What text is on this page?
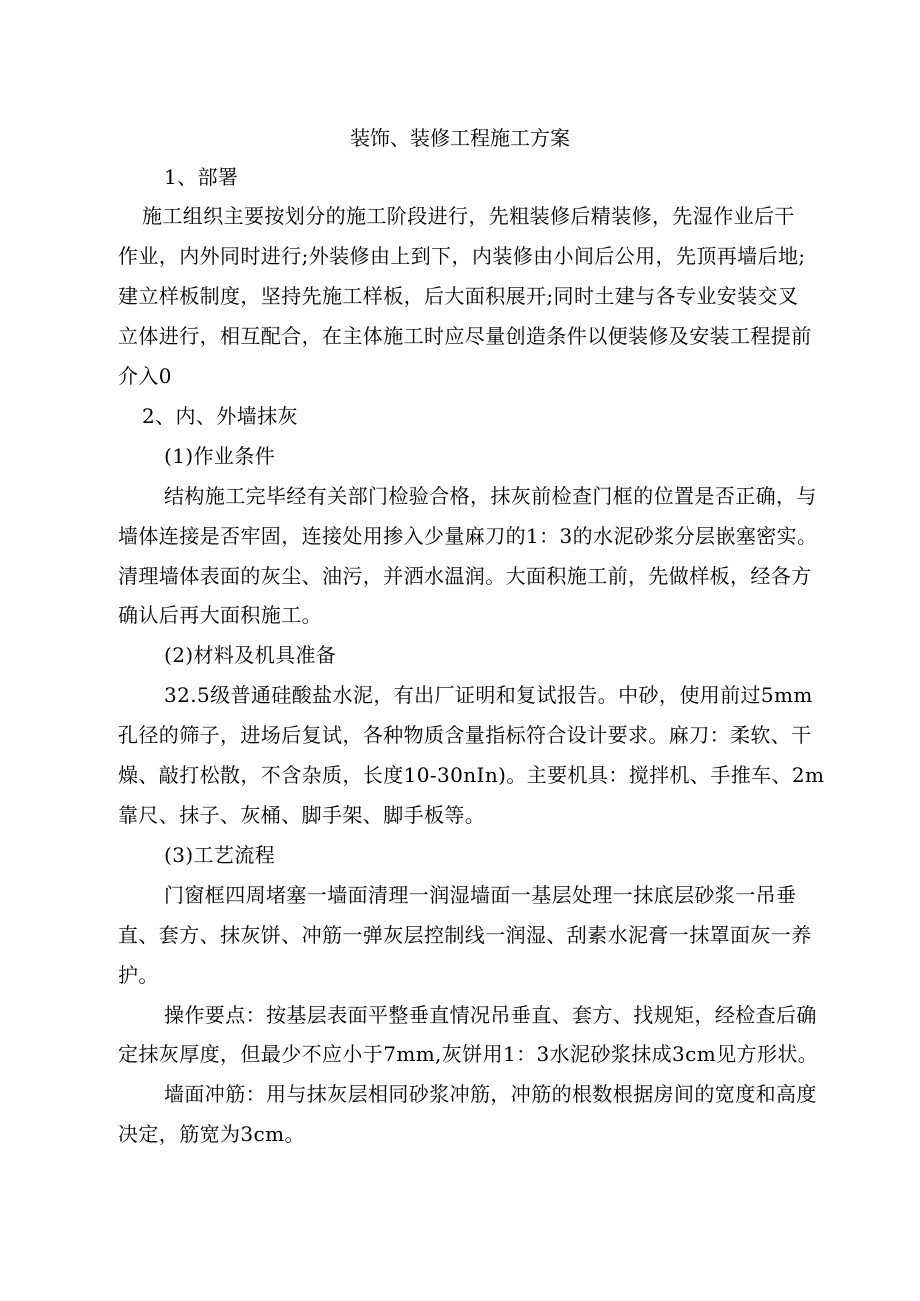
装饰、装修工程施工方案
1、部署
施工组织主要按划分的施工阶段进行，先粗装修后精装修，先湿作业后干
作业，内外同时进行;外装修由上到下，内装修由小间后公用，先顶再墙后地;
建立样板制度，坚持先施工样板，后大面积展开;同时土建与各专业安装交叉
立体进行，相互配合，在主体施工时应尽量创造条件以便装修及安装工程提前
介入0
2、内、外墙抹灰
(1)作业条件
结构施工完毕经有关部门检验合格，抹灰前检查门框的位置是否正确，与
墙体连接是否牢固，连接处用掺入少量麻刀的1：3的水泥砂浆分层嵌塞密实。
清理墙体表面的灰尘、油污，并洒水温润。大面积施工前，先做样板，经各方
确认后再大面积施工。
(2)材料及机具准备
32.5级普通硅酸盐水泥，有出厂证明和复试报告。中砂，使用前过5mm
孔径的筛子，进场后复试，各种物质含量指标符合设计要求。麻刀：柔软、干
燥、敲打松散，不含杂质，长度10-30nIn)。主要机具：搅拌机、手推车、2m
靠尺、抹子、灰桶、脚手架、脚手板等。
(3)工艺流程
门窗框四周堵塞一墙面清理一润湿墙面一基层处理一抹底层砂浆一吊垂
直、套方、抹灰饼、冲筋一弹灰层控制线一润湿、刮素水泥膏一抹罩面灰一养
护。
操作要点：按基层表面平整垂直情况吊垂直、套方、找规矩，经检查后确
定抹灰厚度，但最少不应小于7mm,灰饼用1：3水泥砂浆抹成3cm见方形状。
墙面冲筋：用与抹灰层相同砂浆冲筋，冲筋的根数根据房间的宽度和高度
决定，筋宽为3cm。
